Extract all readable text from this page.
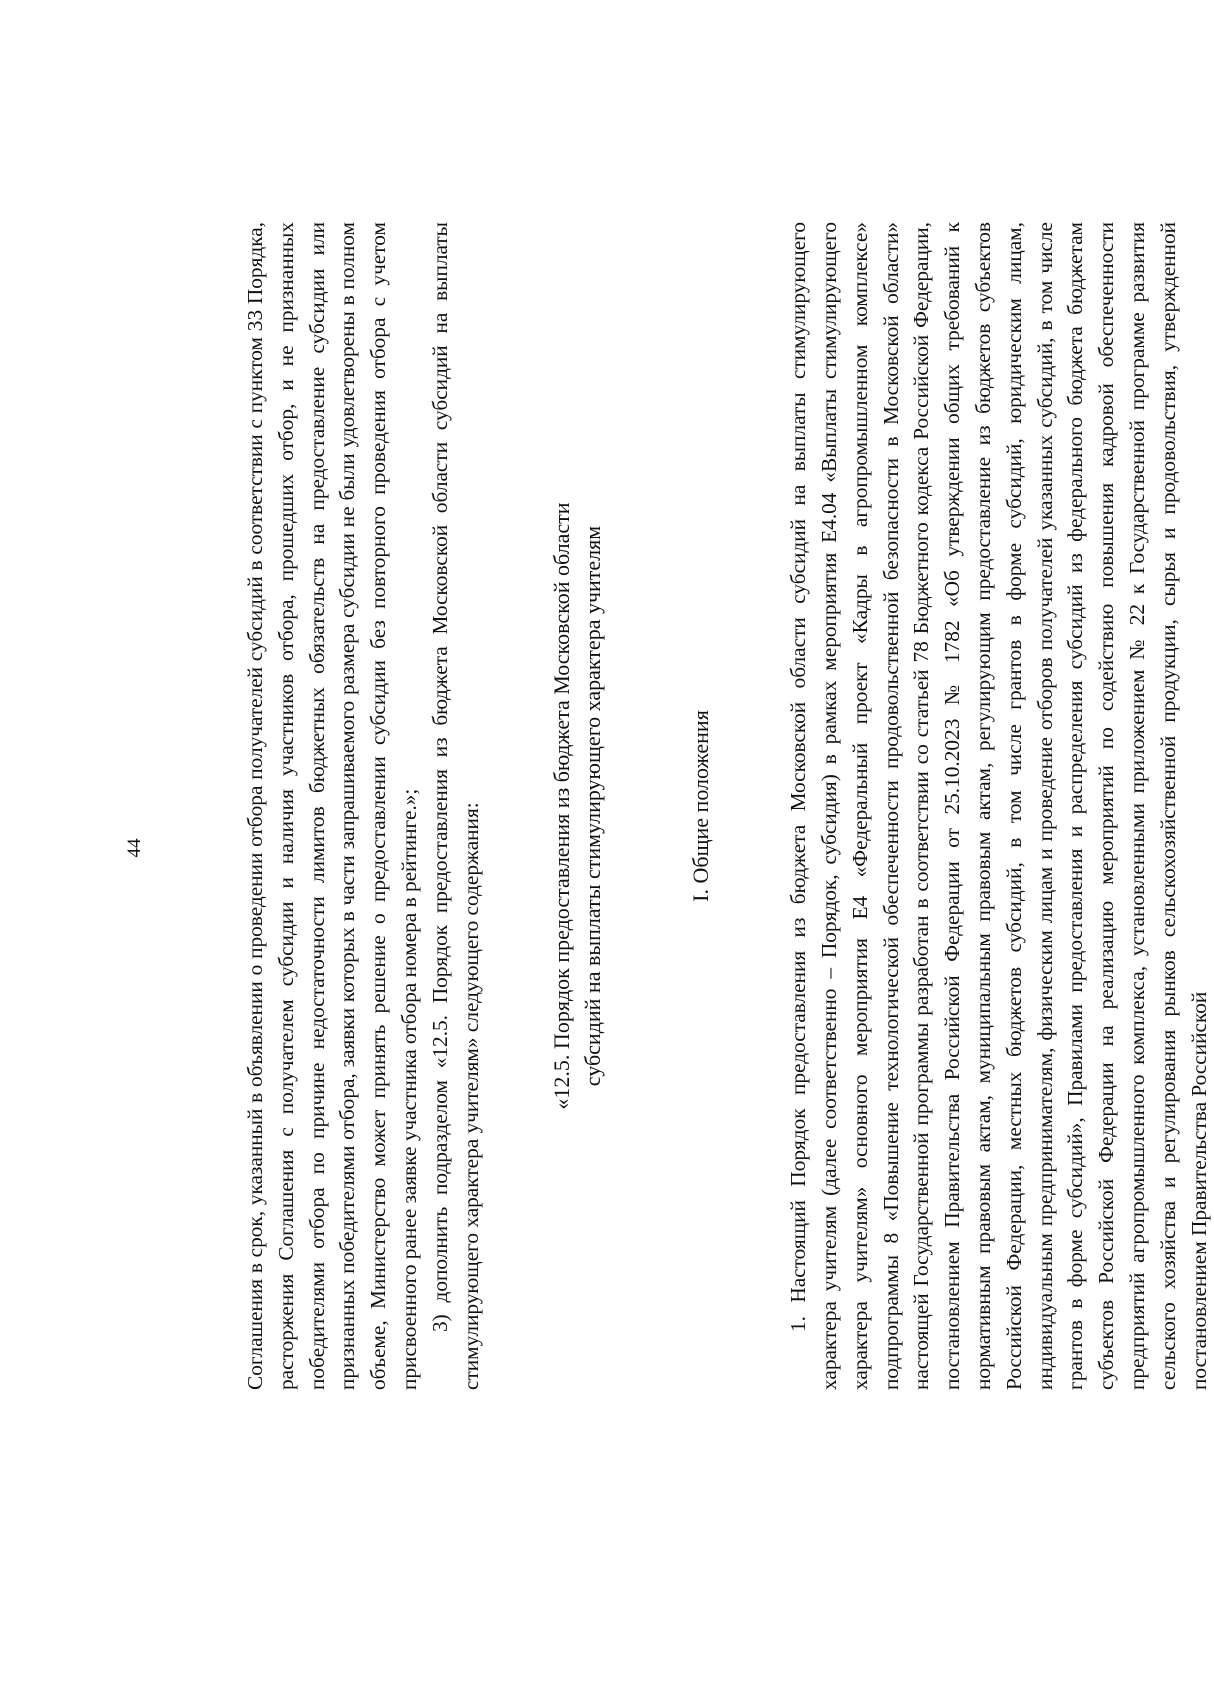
44	Соглашения в срок, указанный в объявлении о проведении отбора получателей субсидий в соответствии с пунктом 33 Порядка, расторжения Соглашения с получателем субсидии и наличия участников отбора, прошедших отбор, и не признанных победителями отбора по причине недостаточности лимитов бюджетных обязательств на предоставление субсидии или признанных победителями отбора, заявки которых в части запрашиваемого размера субсидии не были удовлетворены в полном объеме, Министерство может принять решение о предоставлении субсидии без повторного проведения отбора с учетом присвоенного ранее заявке участника отбора номера в рейтинге.»; 3) дополнить подразделом «12.5. Порядок предоставления из бюджета Московской области субсидий на выплаты стимулирующего характера учителям» следующего содержания:	«12.5. Порядок предоставления из бюджета Московской области субсидий на выплаты стимулирующего характера учителям	I. Общие положения	1. Настоящий Порядок предоставления из бюджета Московской области субсидий на выплаты стимулирующего характера учителям (далее соответственно – Порядок, субсидия) в рамках мероприятия Е4.04 «Выплаты стимулирующего характера учителям» основного мероприятия Е4 «Федеральный проект «Кадры в агропромышленном комплексе» подпрограммы 8 «Повышение технологической обеспеченности продовольственной безопасности в Московской области» настоящей Государственной программы разработан в соответствии со статьей 78 Бюджетного кодекса Российской Федерации, постановлением Правительства Российской Федерации от 25.10.2023 № 1782 «Об утверждении общих требований к нормативным правовым актам, муниципальным правовым актам, регулирующим предоставление из бюджетов субъектов Российской Федерации, местных бюджетов субсидий, в том числе грантов в форме субсидий, юридическим лицам, индивидуальным предпринимателям, физическим лицам и проведение отборов получателей указанных субсидий, в том числе грантов в форме субсидий», Правилами предоставления и распределения субсидий из федерального бюджета бюджетам субъектов Российской Федерации на реализацию мероприятий по содействию повышения кадровой обеспеченности предприятий агропромышленного комплекса, установленными приложением № 22 к Государственной программе развития сельского хозяйства и регулирования рынков сельскохозяйственной продукции, сырья и продовольствия, утвержденной постановлением Правительства Российской
